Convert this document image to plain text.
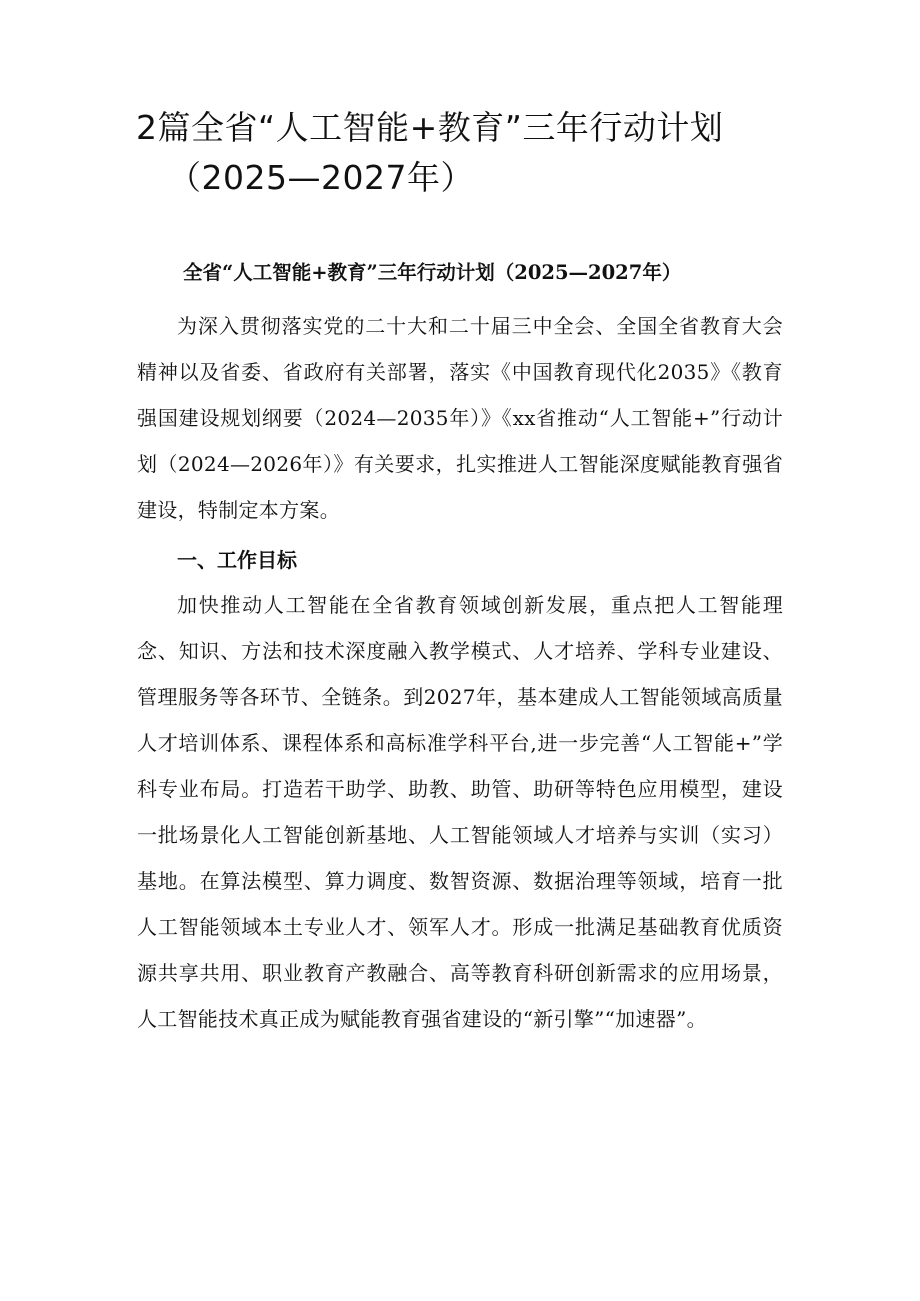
2篇全省“人工智能+教育”三年行动计划
（2025—2027年）
全省“人工智能+教育”三年行动计划（2025—2027年）
为深入贯彻落实党的二十大和二十届三中全会、全国全省教育大会精神以及省委、省政府有关部署，落实《中国教育现代化2035》《教育强国建设规划纲要（2024—2035年）》《xx省推动“人工智能+”行动计划（2024—2026年）》有关要求，扎实推进人工智能深度赋能教育强省建设，特制定本方案。
一、工作目标
加快推动人工智能在全省教育领域创新发展，重点把人工智能理念、知识、方法和技术深度融入教学模式、人才培养、学科专业建设、管理服务等各环节、全链条。到2027年，基本建成人工智能领域高质量人才培训体系、课程体系和高标准学科平台,进一步完善“人工智能+”学科专业布局。打造若干助学、助教、助管、助研等特色应用模型，建设一批场景化人工智能创新基地、人工智能领域人才培养与实训（实习）基地。在算法模型、算力调度、数智资源、数据治理等领域，培育一批人工智能领域本土专业人才、领军人才。形成一批满足基础教育优质资源共享共用、职业教育产教融合、高等教育科研创新需求的应用场景，人工智能技术真正成为赋能教育强省建设的“新引擎”“加速器”。
